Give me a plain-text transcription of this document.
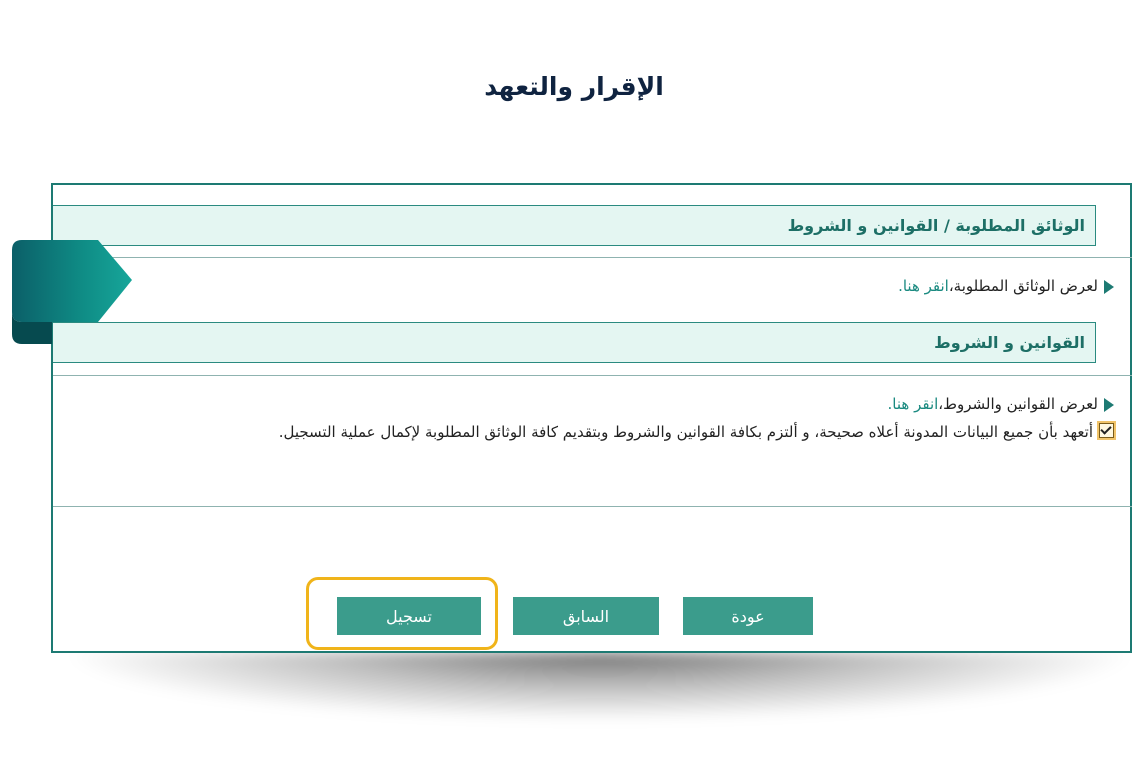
الإقرار والتعهد
الوثائق المطلوبة / القوانين و الشروط
لعرض الوثائق المطلوبة،انقر هنا.
القوانين و الشروط
لعرض القوانين والشروط،انقر هنا.
أتعهد بأن جميع البيانات المدونة أعلاه صحيحة، و ألتزم بكافة القوانين والشروط وبتقديم كافة الوثائق المطلوبة لإكمال عملية التسجيل.
عودة
السابق
تسجيل
